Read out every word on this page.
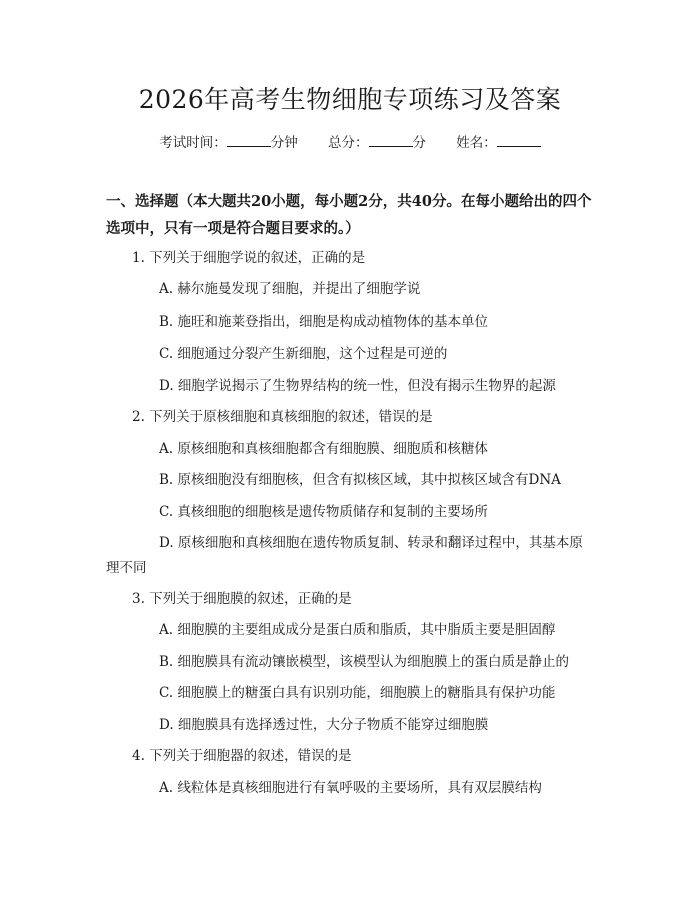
2026年高考生物细胞专项练习及答案
考试时间：	分钟 总分：	分 姓名：
一、选择题（本大题共20小题，每小题2分，共40分。在每小题给出的四个选项中，只有一项是符合题目要求的。）
1. 下列关于细胞学说的叙述，正确的是
A. 赫尔施曼发现了细胞，并提出了细胞学说
B. 施旺和施莱登指出，细胞是构成动植物体的基本单位
C. 细胞通过分裂产生新细胞，这个过程是可逆的
D. 细胞学说揭示了生物界结构的统一性，但没有揭示生物界的起源
2. 下列关于原核细胞和真核细胞的叙述，错误的是
A. 原核细胞和真核细胞都含有细胞膜、细胞质和核糖体
B. 原核细胞没有细胞核，但含有拟核区域，其中拟核区域含有DNA
C. 真核细胞的细胞核是遗传物质储存和复制的主要场所
D. 原核细胞和真核细胞在遗传物质复制、转录和翻译过程中，其基本原
理不同
3. 下列关于细胞膜的叙述，正确的是
A. 细胞膜的主要组成成分是蛋白质和脂质，其中脂质主要是胆固醇
B. 细胞膜具有流动镶嵌模型，该模型认为细胞膜上的蛋白质是静止的
C. 细胞膜上的糖蛋白具有识别功能，细胞膜上的糖脂具有保护功能
D. 细胞膜具有选择透过性，大分子物质不能穿过细胞膜
4. 下列关于细胞器的叙述，错误的是
A. 线粒体是真核细胞进行有氧呼吸的主要场所，具有双层膜结构
